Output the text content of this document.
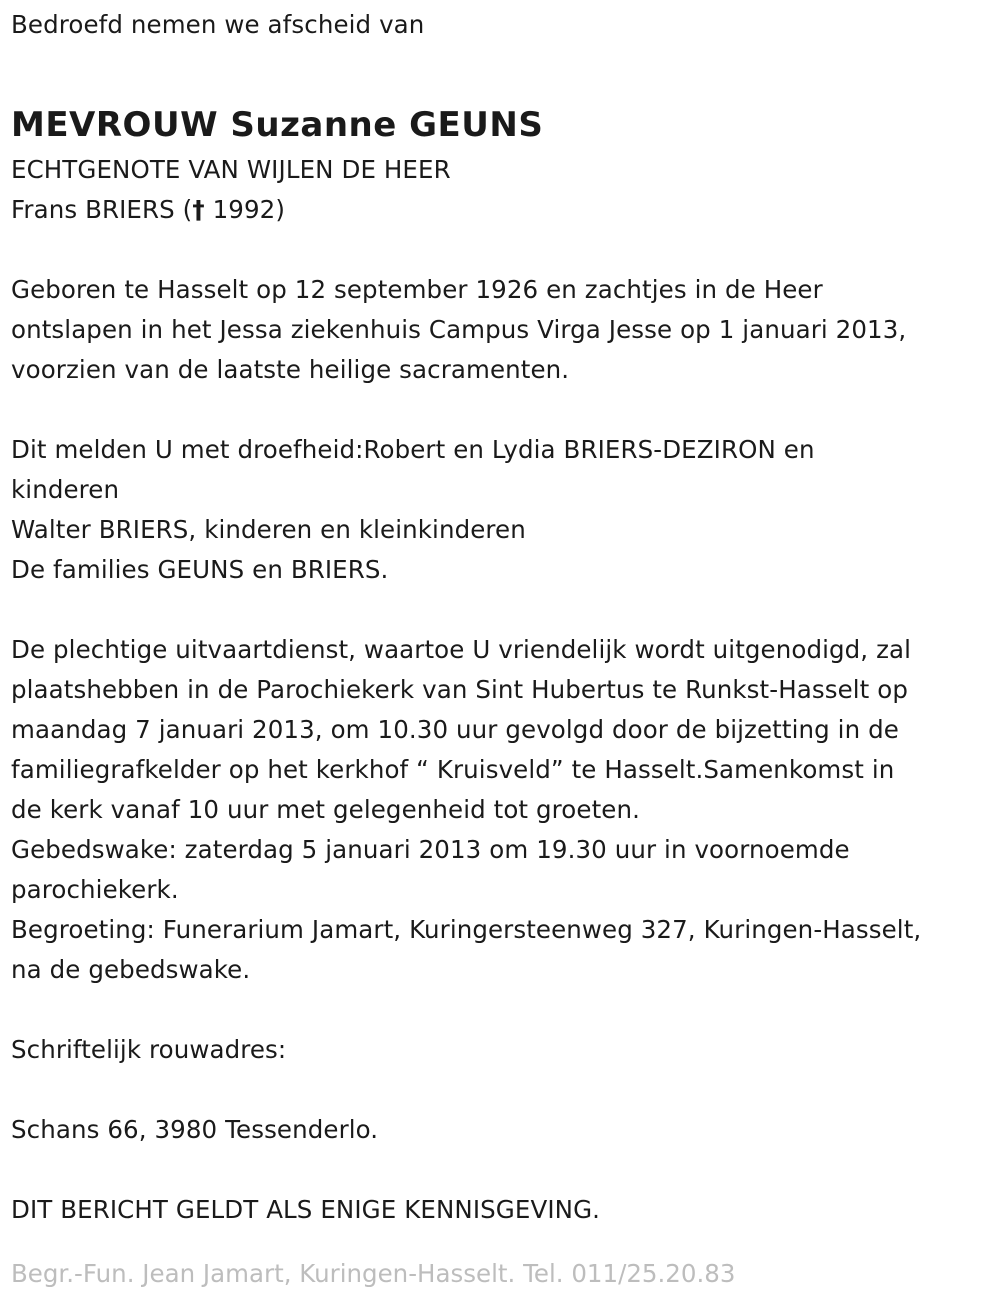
Bedroefd nemen we afscheid van
MEVROUW Suzanne GEUNS
ECHTGENOTE VAN WIJLEN DE HEER
Frans BRIERS († 1992)
Geboren te Hasselt op 12 september 1926 en zachtjes in de Heer
ontslapen in het Jessa ziekenhuis Campus Virga Jesse op 1 januari 2013,
voorzien van de laatste heilige sacramenten.
Dit melden U met droefheid:Robert en Lydia BRIERS-DEZIRON en
kinderen
Walter BRIERS, kinderen en kleinkinderen
De families GEUNS en BRIERS.
De plechtige uitvaartdienst, waartoe U vriendelijk wordt uitgenodigd, zal
plaatshebben in de Parochiekerk van Sint Hubertus te Runkst-Hasselt op
maandag 7 januari 2013, om 10.30 uur gevolgd door de bijzetting in de
familiegrafkelder op het kerkhof “ Kruisveld” te Hasselt.Samenkomst in
de kerk vanaf 10 uur met gelegenheid tot groeten.
Gebedswake: zaterdag 5 januari 2013 om 19.30 uur in voornoemde
parochiekerk.
Begroeting: Funerarium Jamart, Kuringersteenweg 327, Kuringen-Hasselt,
na de gebedswake.
Schriftelijk rouwadres:
Schans 66, 3980 Tessenderlo.
DIT BERICHT GELDT ALS ENIGE KENNISGEVING.
Begr.-Fun. Jean Jamart, Kuringen-Hasselt. Tel. 011/25.20.83
